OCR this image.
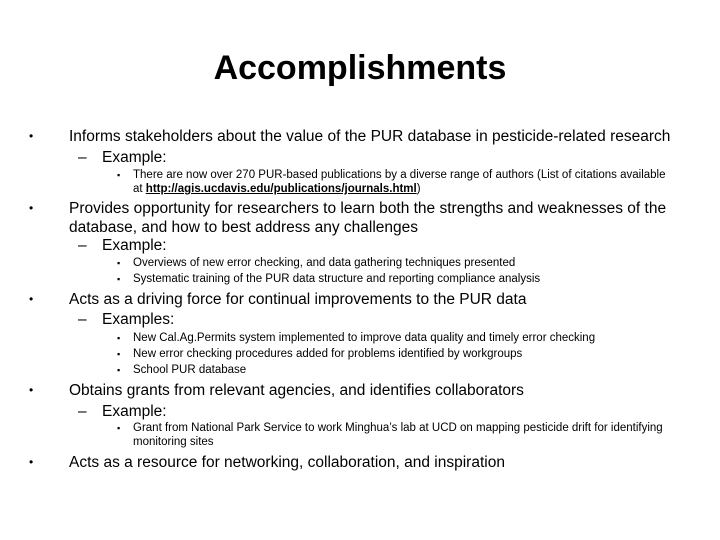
Accomplishments
• Informs stakeholders about the value of the PUR database in pesticide-related research
– Example:
▪ There are now over 270 PUR-based publications by a diverse range of authors (List of citations available at http://agis.ucdavis.edu/publications/journals.html)
• Provides opportunity for researchers to learn both the strengths and weaknesses of the database, and how to best address any challenges
– Example:
▪ Overviews of new error checking, and data gathering techniques presented
▪ Systematic training of the PUR data structure and reporting compliance analysis
• Acts as a driving force for continual improvements to the PUR data
– Examples:
▪ New Cal.Ag.Permits system implemented to improve data quality and timely error checking
▪ New error checking procedures added for problems identified by workgroups
▪ School PUR database
• Obtains grants from relevant agencies, and identifies collaborators
– Example:
▪ Grant from National Park Service to work Minghua’s lab at UCD on mapping pesticide drift for identifying monitoring sites
• Acts as a resource for networking, collaboration, and inspiration
